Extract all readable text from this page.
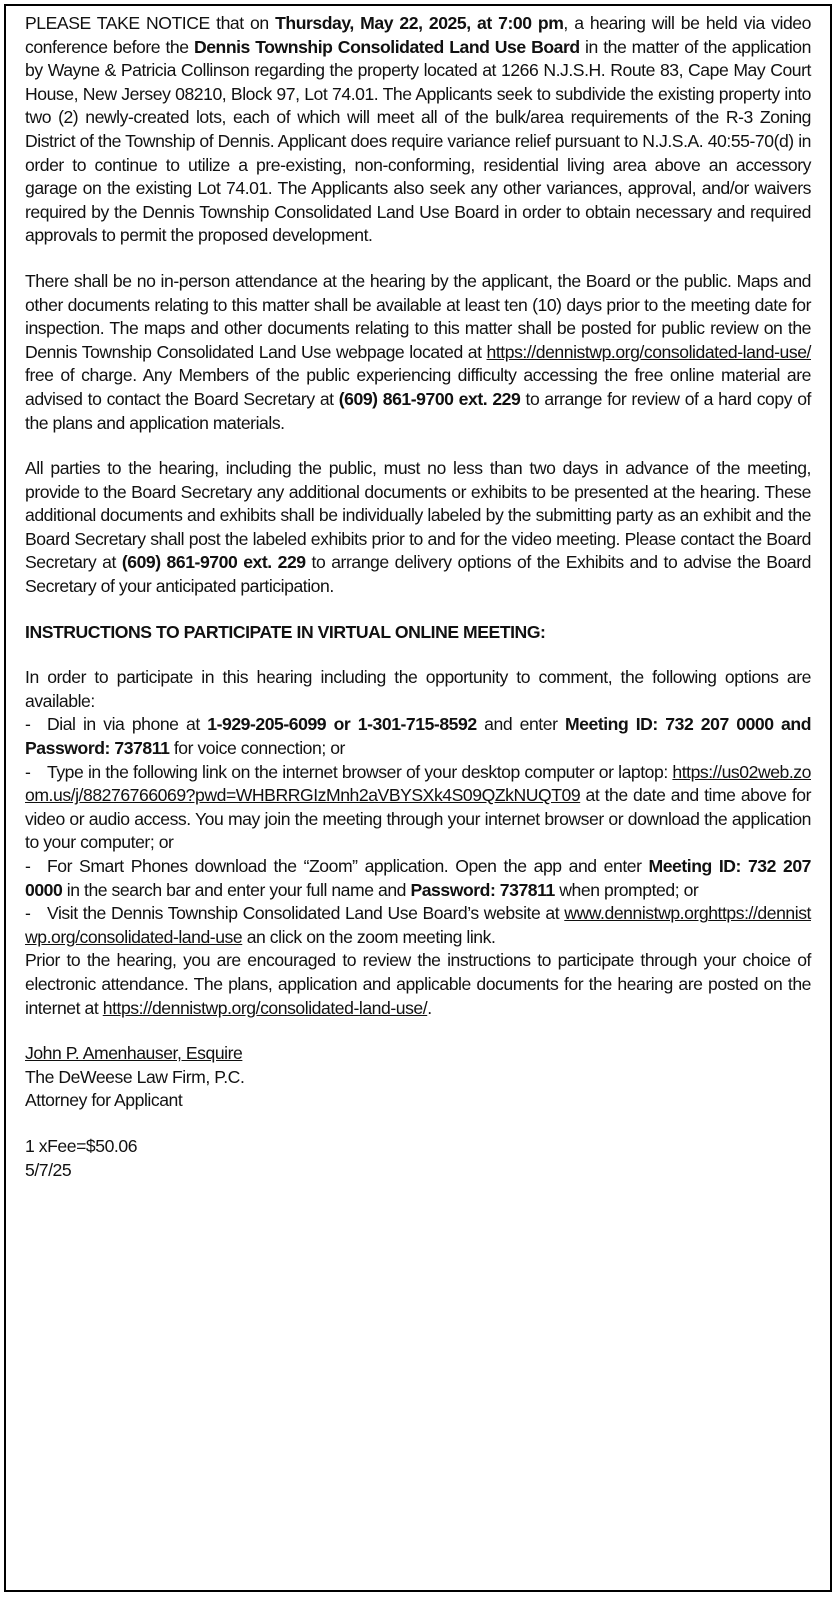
PLEASE TAKE NOTICE that on Thursday, May 22, 2025, at 7:00 pm, a hearing will be held via video conference before the Dennis Township Consolidated Land Use Board in the matter of the application by Wayne & Patricia Collinson regarding the property located at 1266 N.J.S.H. Route 83, Cape May Court House, New Jersey 08210, Block 97, Lot 74.01. The Applicants seek to subdivide the existing property into two (2) newly-created lots, each of which will meet all of the bulk/area requirements of the R-3 Zoning District of the Township of Dennis. Applicant does require variance relief pursuant to N.J.S.A. 40:55-70(d) in order to continue to utilize a pre-existing, non-conforming, residential living area above an accessory garage on the existing Lot 74.01. The Applicants also seek any other variances, approval, and/or waivers required by the Dennis Township Consolidated Land Use Board in order to obtain necessary and required approvals to permit the proposed development.

There shall be no in-person attendance at the hearing by the applicant, the Board or the public. Maps and other documents relating to this matter shall be available at least ten (10) days prior to the meeting date for inspection. The maps and other documents relating to this matter shall be posted for public review on the Dennis Township Consolidated Land Use webpage located at https://dennistwp.org/consolidated-land-use/ free of charge. Any Members of the public experiencing difficulty accessing the free online material are advised to contact the Board Secretary at (609) 861-9700 ext. 229 to arrange for review of a hard copy of the plans and application materials.

All parties to the hearing, including the public, must no less than two days in advance of the meeting, provide to the Board Secretary any additional documents or exhibits to be presented at the hearing. These additional documents and exhibits shall be individually labeled by the submitting party as an exhibit and the Board Secretary shall post the labeled exhibits prior to and for the video meeting. Please contact the Board Secretary at (609) 861-9700 ext. 229 to arrange delivery options of the Exhibits and to advise the Board Secretary of your anticipated participation.

INSTRUCTIONS TO PARTICIPATE IN VIRTUAL ONLINE MEETING:

In order to participate in this hearing including the opportunity to comment, the following options are available:

- Dial in via phone at 1-929-205-6099 or 1-301-715-8592 and enter Meeting ID: 732 207 0000 and Password: 737811 for voice connection; or

- Type in the following link on the internet browser of your desktop computer or laptop: https://us02web.zoom.us/j/88276766069?pwd=WHBRRGIzMnh2aVBYSXk4S09QZkNUQT09 at the date and time above for video or audio access. You may join the meeting through your internet browser or download the application to your computer; or

- For Smart Phones download the “Zoom” application. Open the app and enter Meeting ID: 732 207 0000 in the search bar and enter your full name and Password: 737811 when prompted; or

- Visit the Dennis Township Consolidated Land Use Board’s website at www.dennistwp.orghttps://dennistwp.org/consolidated-land-use an click on the zoom meeting link.

Prior to the hearing, you are encouraged to review the instructions to participate through your choice of electronic attendance. The plans, application and applicable documents for the hearing are posted on the internet at https://dennistwp.org/consolidated-land-use/.

John P. Amenhauser, Esquire
The DeWeese Law Firm, P.C.
Attorney for Applicant
1 xFee=$50.06
5/7/25
